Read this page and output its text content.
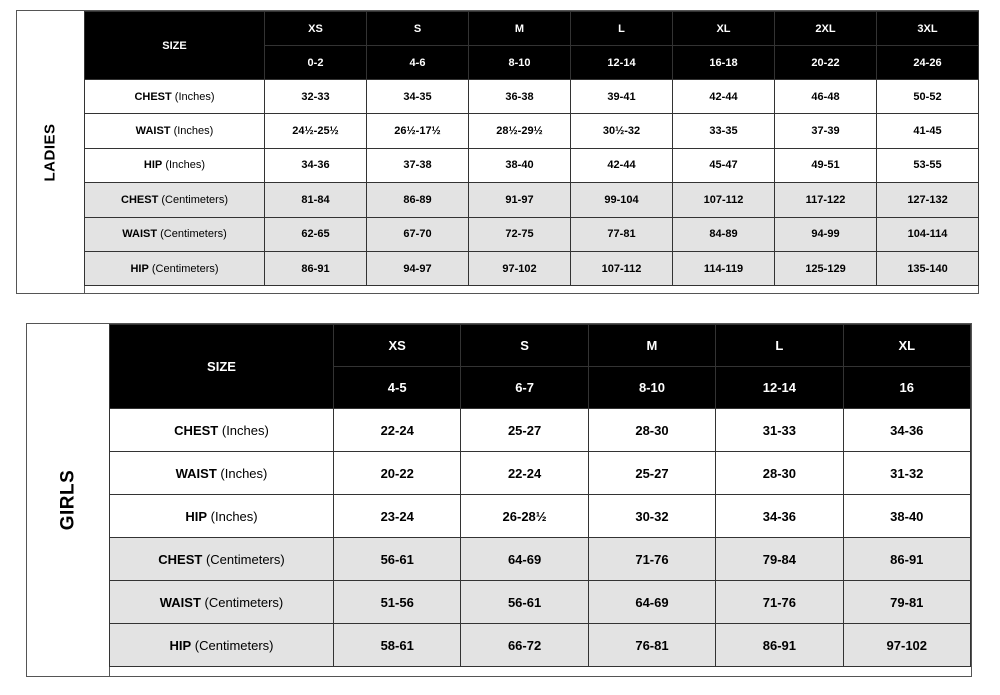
LADIES
SIZE	XS	S	M	L	XL	2XL	3XL
	0-2	4-6	8-10	12-14	16-18	20-22	24-26
CHEST (Inches)	32-33	34-35	36-38	39-41	42-44	46-48	50-52
WAIST (Inches)	24½-25½	26½-17½	28½-29½	30½-32	33-35	37-39	41-45
HIP (Inches)	34-36	37-38	38-40	42-44	45-47	49-51	53-55
CHEST (Centimeters)	81-84	86-89	91-97	99-104	107-112	117-122	127-132
WAIST (Centimeters)	62-65	67-70	72-75	77-81	84-89	94-99	104-114
HIP (Centimeters)	86-91	94-97	97-102	107-112	114-119	125-129	135-140
GIRLS
SIZE	XS	S	M	L	XL
	4-5	6-7	8-10	12-14	16
CHEST (Inches)	22-24	25-27	28-30	31-33	34-36
WAIST (Inches)	20-22	22-24	25-27	28-30	31-32
HIP (Inches)	23-24	26-28½	30-32	34-36	38-40
CHEST (Centimeters)	56-61	64-69	71-76	79-84	86-91
WAIST (Centimeters)	51-56	56-61	64-69	71-76	79-81
HIP (Centimeters)	58-61	66-72	76-81	86-91	97-102
